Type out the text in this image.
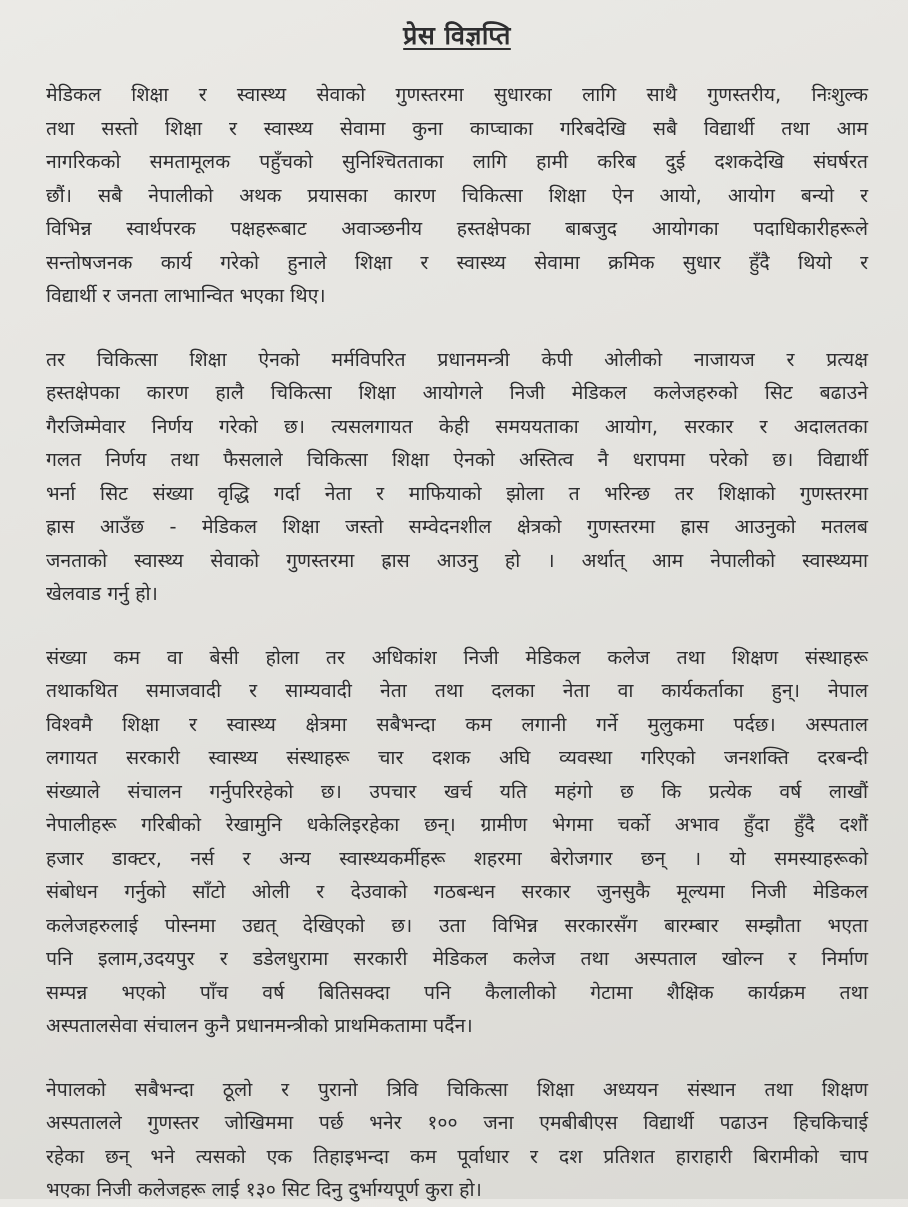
प्रेस विज्ञप्ति
मेडिकल शिक्षा र स्वास्थ्य सेवाको गुणस्तरमा सुधारका लागि साथै गुणस्तरीय, निःशुल्क
तथा सस्तो शिक्षा र स्वास्थ्य सेवामा कुना काप्चाका गरिबदेखि सबै विद्यार्थी तथा आम
नागरिकको समतामूलक पहुँचको सुनिश्चितताका लागि हामी करिब दुई दशकदेखि संघर्षरत
छौं। सबै नेपालीको अथक प्रयासका कारण चिकित्सा शिक्षा ऐन आयो, आयोग बन्यो र
विभिन्न स्वार्थपरक पक्षहरूबाट अवाञ्छनीय हस्तक्षेपका बाबजुद आयोगका पदाधिकारीहरूले
सन्तोषजनक कार्य गरेको हुनाले शिक्षा र स्वास्थ्य सेवामा क्रमिक सुधार हुँदै थियो र
विद्यार्थी र जनता लाभान्वित भएका थिए।
तर चिकित्सा शिक्षा ऐनको मर्मविपरित प्रधानमन्त्री केपी ओलीको नाजायज र प्रत्यक्ष
हस्तक्षेपका कारण हालै चिकित्सा शिक्षा आयोगले निजी मेडिकल कलेजहरुको सिट बढाउने
गैरजिम्मेवार निर्णय गरेको छ। त्यसलगायत केही समययताका आयोग, सरकार र अदालतका
गलत निर्णय तथा फैसलाले चिकित्सा शिक्षा ऐनको अस्तित्व नै धरापमा परेको छ। विद्यार्थी
भर्ना सिट संख्या वृद्धि गर्दा नेता र माफियाको झोला त भरिन्छ तर शिक्षाको गुणस्तरमा
ह्रास आउँछ - मेडिकल शिक्षा जस्तो सम्वेदनशील क्षेत्रको गुणस्तरमा ह्रास आउनुको मतलब
जनताको स्वास्थ्य सेवाको गुणस्तरमा ह्रास आउनु हो । अर्थात् आम नेपालीको स्वास्थ्यमा
खेलवाड गर्नु हो।
संख्या कम वा बेसी होला तर अधिकांश निजी मेडिकल कलेज तथा शिक्षण संस्थाहरू
तथाकथित समाजवादी र साम्यवादी नेता तथा दलका नेता वा कार्यकर्ताका हुन्। नेपाल
विश्वमै शिक्षा र स्वास्थ्य क्षेत्रमा सबैभन्दा कम लगानी गर्ने मुलुकमा पर्दछ। अस्पताल
लगायत सरकारी स्वास्थ्य संस्थाहरू चार दशक अघि व्यवस्था गरिएको जनशक्ति दरबन्दी
संख्याले संचालन गर्नुपरिरहेको छ। उपचार खर्च यति महंगो छ कि प्रत्येक वर्ष लाखौं
नेपालीहरू गरिबीको रेखामुनि धकेलिइरहेका छन्। ग्रामीण भेगमा चर्को अभाव हुँदा हुँदै दशौं
हजार डाक्टर, नर्स र अन्य स्वास्थ्यकर्मीहरू शहरमा बेरोजगार छन् । यो समस्याहरूको
संबोधन गर्नुको साँटो ओली र देउवाको गठबन्धन सरकार जुनसुकै मूल्यमा निजी मेडिकल
कलेजहरुलाई पोस्नमा उद्यत् देखिएको छ। उता विभिन्न सरकारसँग बारम्बार सम्झौता भएता
पनि इलाम,उदयपुर र डडेलधुरामा सरकारी मेडिकल कलेज तथा अस्पताल खोल्न र निर्माण
सम्पन्न भएको पाँच वर्ष बितिसक्दा पनि कैलालीको गेटामा शैक्षिक कार्यक्रम तथा
अस्पतालसेवा संचालन कुनै प्रधानमन्त्रीको प्राथमिकतामा पर्दैन।
नेपालको सबैभन्दा ठूलो र पुरानो त्रिवि चिकित्सा शिक्षा अध्ययन संस्थान तथा शिक्षण
अस्पतालले गुणस्तर जोखिममा पर्छ भनेर १०० जना एमबीबीएस विद्यार्थी पढाउन हिचकिचाई
रहेका छन् भने त्यसको एक तिहाइभन्दा कम पूर्वाधार र दश प्रतिशत हाराहारी बिरामीको चाप
भएका निजी कलेजहरू लाई १३० सिट दिनु दुर्भाग्यपूर्ण कुरा हो।
